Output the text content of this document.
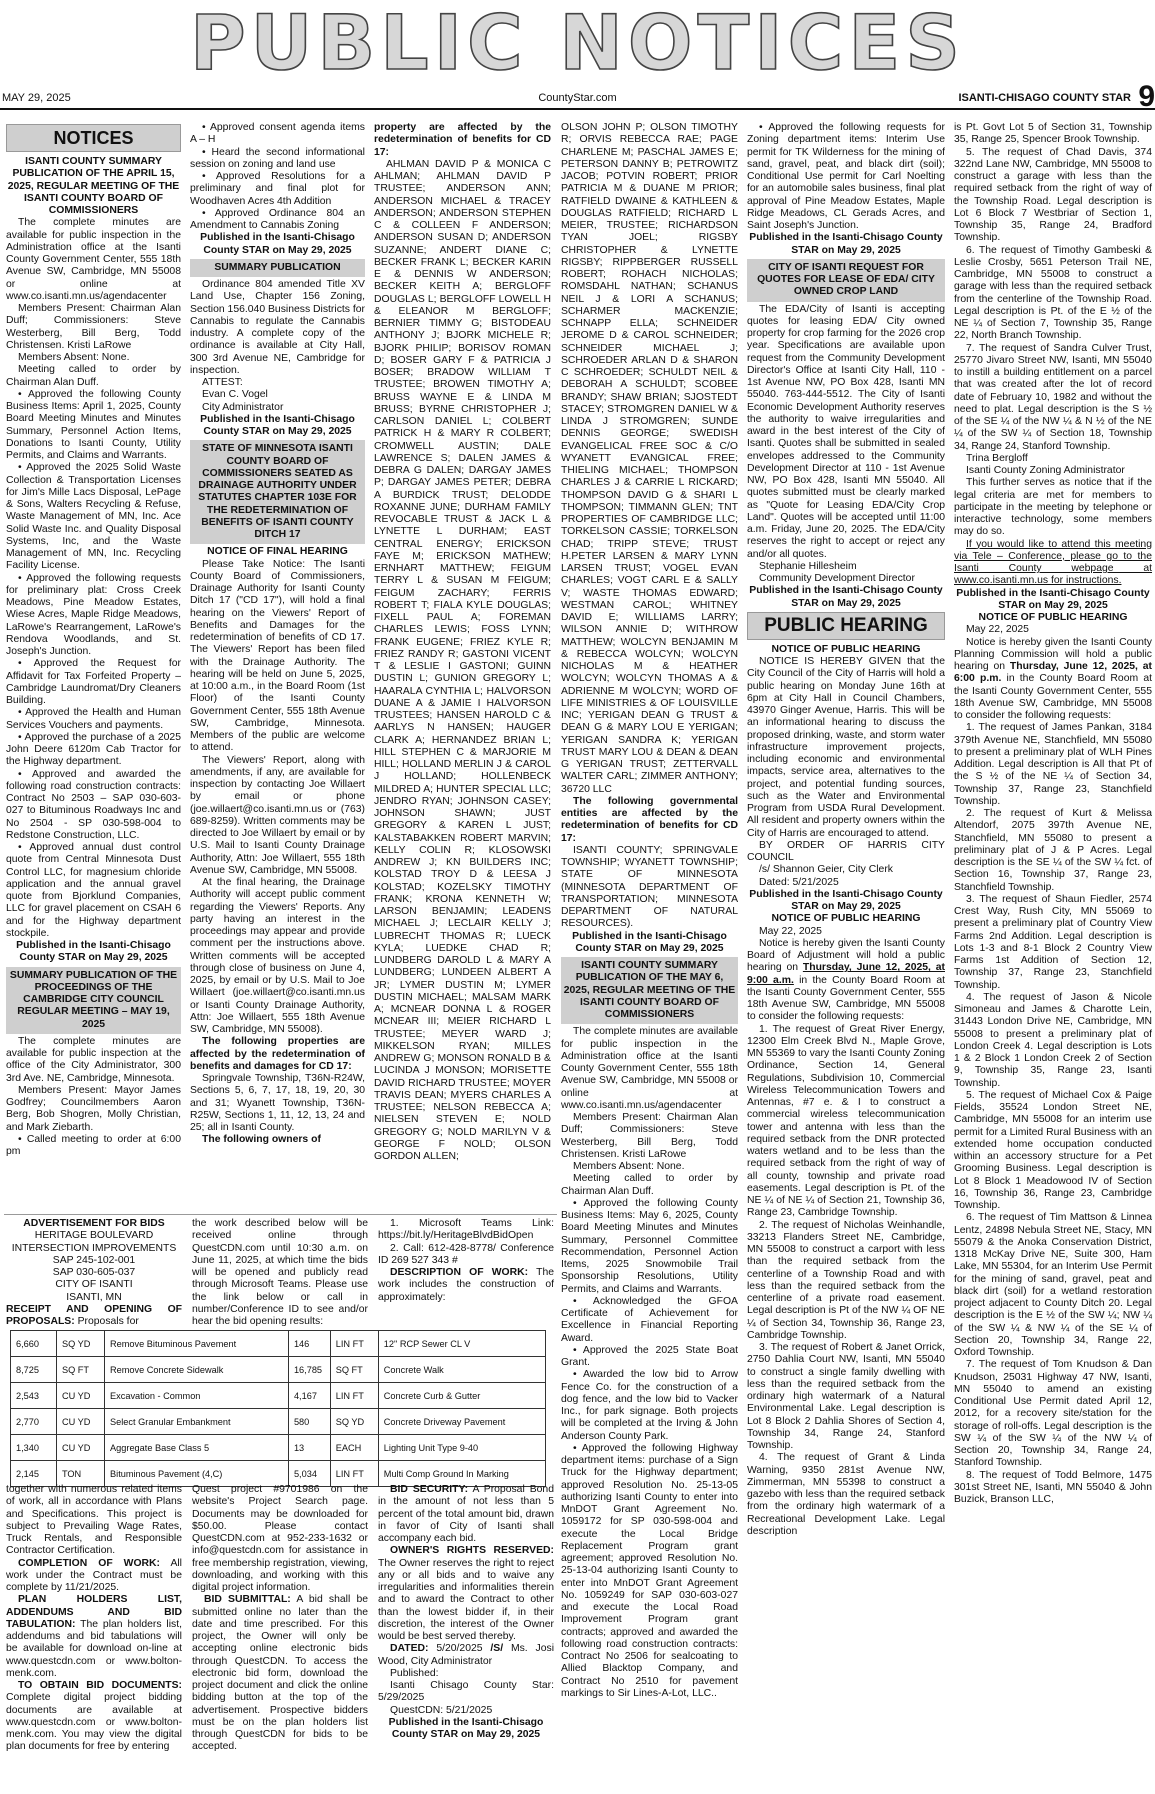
PUBLIC NOTICES
MAY 29, 2025	CountyStar.com	ISANTI-CHISAGO COUNTY STAR 9
NOTICES

ISANTI COUNTY SUMMARY PUBLICATION OF THE APRIL 15, 2025, REGULAR MEETING OF THE ISANTI COUNTY BOARD OF COMMISSIONERS

The complete minutes are available for public inspection in the Administration office at the Isanti County Government Center, 555 18th Avenue SW, Cambridge, MN 55008 or online at www.co.isanti.mn.us/agendacenter

Members Present: Chairman Alan Duff; Commissioners: Steve Westerberg, Bill Berg, Todd Christensen. Kristi LaRowe

Members Absent: None.

Meeting called to order by Chairman Alan Duff.

• Approved the following County Business Items: April 1, 2025, County Board Meeting Minutes and Minutes Summary, Personnel Action Items, Donations to Isanti County, Utility Permits, and Claims and Warrants.

• Approved the 2025 Solid Waste Collection & Transportation Licenses for Jim's Mille Lacs Disposal, LePage & Sons, Walters Recycling & Refuse, Waste Management of MN, Inc. Ace Solid Waste Inc. and Quality Disposal Systems, Inc, and the Waste Management of MN, Inc. Recycling Facility License.

• Approved the following requests for preliminary plat: Cross Creek Meadows, Pine Meadow Estates, Wiese Acres, Maple Ridge Meadows, LaRowe's Rearrangement, LaRowe's Rendova Woodlands, and St. Joseph's Junction.

• Approved the Request for Affidavit for Tax Forfeited Property – Cambridge Laundromat/Dry Cleaners Building.

• Approved the Health and Human Services Vouchers and payments.

• Approved the purchase of a 2025 John Deere 6120m Cab Tractor for the Highway department.

• Approved and awarded the following road construction contracts: Contract No 2503 – SAP 030-603-027 to Bituminous Roadways Inc and No 2504 - SP 030-598-004 to Redstone Construction, LLC.

• Approved annual dust control quote from Central Minnesota Dust Control LLC, for magnesium chloride application and the annual gravel quote from Bjorklund Companies, LLC for gravel placement on CSAH 6 and for the Highway department stockpile.

Published in the Isanti-Chisago County STAR on May 29, 2025

SUMMARY PUBLICATION OF THE PROCEEDINGS OF THE CAMBRIDGE CITY COUNCIL REGULAR MEETING – MAY 19, 2025

The complete minutes are available for public inspection at the office of the City Administrator, 300 3rd Ave. NE, Cambridge, Minnesota.

Members Present: Mayor James Godfrey; Councilmembers Aaron Berg, Bob Shogren, Molly Christian, and Mark Ziebarth.

• Called meeting to order at 6:00 pm

• Approved consent agenda items A – H

• Heard the second informational session on zoning and land use

• Approved Resolutions for a preliminary and final plot for Woodhaven Acres 4th Addition

• Approved Ordinance 804 an Amendment to Cannabis Zoning

Published in the Isanti-Chisago County STAR on May 29, 2025

SUMMARY PUBLICATION

Ordinance 804 amended Title XV Land Use, Chapter 156 Zoning, Section 156.040 Business Districts for Cannabis to regulate the Cannabis industry. A complete copy of the ordinance is available at City Hall, 300 3rd Avenue NE, Cambridge for inspection.

ATTEST:

Evan C. Vogel

City Administrator

Published in the Isanti-Chisago County STAR on May 29, 2025

STATE OF MINNESOTA ISANTI COUNTY BOARD OF COMMISSIONERS SEATED AS DRAINAGE AUTHORITY UNDER STATUTES CHAPTER 103E FOR THE REDETERMINATION OF BENEFITS OF ISANTI COUNTY DITCH 17

NOTICE OF FINAL HEARING

Please Take Notice: The Isanti County Board of Commissioners, Drainage Authority for Isanti County Ditch 17 ("CD 17"), will hold a final hearing on the Viewers' Report of Benefits and Damages for the redetermination of benefits of CD 17. The Viewers' Report has been filed with the Drainage Authority. The hearing will be held on June 5, 2025, at 10:00 a.m., in the Board Room (1st Floor) of the Isanti County Government Center, 555 18th Avenue SW, Cambridge, Minnesota. Members of the public are welcome to attend.

The Viewers' Report, along with amendments, if any, are available for inspection by contacting Joe Willaert by email or phone (joe.willaert@co.isanti.mn.us or (763) 689-8259). Written comments may be directed to Joe Willaert by email or by U.S. Mail to Isanti County Drainage Authority, Attn: Joe Willaert, 555 18th Avenue SW, Cambridge, MN 55008.

At the final hearing, the Drainage Authority will accept public comment regarding the Viewers' Reports. Any party having an interest in the proceedings may appear and provide comment per the instructions above. Written comments will be accepted through close of business on June 4, 2025, by email or by U.S. Mail to Joe Willaert (joe.willaert@co.isanti.mn.us or Isanti County Drainage Authority, Attn: Joe Willaert, 555 18th Avenue SW, Cambridge, MN 55008).

The following properties are affected by the redetermination of benefits and damages for CD 17:

Springvale Township, T36N-R24W, Sections 5, 6, 7, 17, 18, 19, 20, 30 and 31; Wyanett Township, T36N-R25W, Sections 1, 11, 12, 13, 24 and 25; all in Isanti County.

The following owners of

property are affected by the redetermination of benefits for CD 17:

AHLMAN DAVID P & MONICA C AHLMAN; AHLMAN DAVID P TRUSTEE; ANDERSON ANN; ANDERSON MICHAEL & TRACEY ANDERSON; ANDERSON STEPHEN C & COLLEEN F ANDERSON; ANDERSON SUSAN D; ANDERSON SUZANNE; ANDERT DIANE C; BECKER FRANK L; BECKER KARIN E & DENNIS W ANDERSON; BECKER KEITH A; BERGLOFF DOUGLAS L; BERGLOFF LOWELL H & ELEANOR M BERGLOFF; BERNIER TIMMY G; BISTODEAU ANTHONY J; BJORK MICHELE R; BJORK PHILIP; BORISOV ROMAN D; BOSER GARY F & PATRICIA J BOSER; BRADOW WILLIAM T TRUSTEE; BROWEN TIMOTHY A; BRUSS WAYNE E & LINDA M BRUSS; BYRNE CHRISTOPHER J; CARLSON DANIEL L; COLBERT PATRICK H & MARY R COLBERT; CROMWELL AUSTIN; DALE LAWRENCE S; DALEN JAMES & DEBRA G DALEN; DARGAY JAMES P; DARGAY JAMES PETER; DEBRA A BURDICK TRUST; DELODDE ROXANNE JUNE; DURHAM FAMILY REVOCABLE TRUST & JACK L & LYNETTE L DURHAM; EAST CENTRAL ENERGY; ERICKSON FAYE M; ERICKSON MATHEW; ERNHART MATTHEW; FEIGUM TERRY L & SUSAN M FEIGUM; FEIGUM ZACHARY; FERRIS ROBERT T; FIALA KYLE DOUGLAS; FIXELL PAUL A; FOREMAN CHARLES LEWIS; FOSS LYNN; FRANK EUGENE; FRIEZ KYLE R; FRIEZ RANDY R; GASTONI VICENT T & LESLIE I GASTONI; GUINN DUSTIN L; GUNION GREGORY L; HAARALA CYNTHIA L; HALVORSON DUANE A & JAMIE I HALVORSON TRUSTEES; HANSEN HAROLD C & AARLYS N HANSEN; HAUGER CLARK A; HERNANDEZ BRIAN L; HILL STEPHEN C & MARJORIE M HILL; HOLLAND MERLIN J & CAROL J HOLLAND; HOLLENBECK MILDRED A; HUNTER SPECIAL LLC; JENDRO RYAN; JOHNSON CASEY; JOHNSON SHAWN; JUST GREGORY & KAREN L JUST; KALSTABAKKEN ROBERT MARVIN; KELLY COLIN R; KLOSOWSKI ANDREW J; KN BUILDERS INC; KOLSTAD TROY D & LEESA J KOLSTAD; KOZELSKY TIMOTHY FRANK; KRONA KENNETH W; LARSON BENJAMIN; LEADENS MICHAEL J; LECLAIR KELLY J; LUBRECHT THOMAS R; LUECK KYLA; LUEDKE CHAD R; LUNDBERG DAROLD L & MARY A LUNDBERG; LUNDEEN ALBERT A JR; LYMER DUSTIN M; LYMER DUSTIN MICHAEL; MALSAM MARK A; MCNEAR DONNA L & ROGER MCNEAR III; MEIER RICHARD L TRUSTEE; MEYER WARD J; MIKKELSON RYAN; MILLES ANDREW G; MONSON RONALD B & LUCINDA J MONSON; MORISETTE DAVID RICHARD TRUSTEE; MOYER TRAVIS DEAN; MYERS CHARLES A TRUSTEE; NELSON REBECCA A; NIELSEN STEVEN E; NOLD GREGORY G; NOLD MARILYN V & GEORGE F NOLD; OLSON GORDON ALLEN;

OLSON JOHN P; OLSON TIMOTHY R; ORVIS REBECCA RAE; PAGE CHARLENE M; PASCHAL JAMES E; PETERSON DANNY B; PETROWITZ JACOB; POTVIN ROBERT; PRIOR PATRICIA M & DUANE M PRIOR; RATFIELD DWAINE & KATHLEEN & DOUGLAS RATFIELD; RICHARD L MEIER, TRUSTEE; RICHARDSON TYAN JOEL; RIGSBY CHRISTOPHER & LYNETTE RIGSBY; RIPPBERGER RUSSELL ROBERT; ROHACH NICHOLAS; ROMSDAHL NATHAN; SCHANUS NEIL J & LORI A SCHANUS; SCHARMER MACKENZIE; SCHNAPP ELLA; SCHNEIDER JEROME D & CAROL SCHNEIDER; SCHNEIDER MICHAEL J; SCHROEDER ARLAN D & SHARON C SCHROEDER; SCHULDT NEIL & DEBORAH A SCHULDT; SCOBEE BRANDY; SHAW BRIAN; SJOSTEDT STACEY; STROMGREN DANIEL W & LINDA J STROMGREN; SUNDE DENNIS GEORGE; SWEDISH EVANGELICAL FREE SOC & C/O WYANETT EVANGICAL FREE; THIELING MICHAEL; THOMPSON CHARLES J & CARRIE L RICKARD; THOMPSON DAVID G & SHARI L THOMPSON; TIMMANN GLEN; TNT PROPERTIES OF CAMBRIDGE LLC; TORKELSON CASSIE; TORKELSON CHAD; TRIPP STEVE; TRUST H.PETER LARSEN & MARY LYNN LARSEN TRUST; VOGEL EVAN CHARLES; VOGT CARL E & SALLY V; WASTE THOMAS EDWARD; WESTMAN CAROL; WHITNEY DAVID E; WILLIAMS LARRY; WILSON ANNIE D; WITHROW MATTHEW; WOLCYN BENJAMIN M & REBECCA WOLCYN; WOLCYN NICHOLAS M & HEATHER WOLCYN; WOLCYN THOMAS A & ADRIENNE M WOLCYN; WORD OF LIFE MINISTRIES & OF LOUISVILLE INC; YERIGAN DEAN G TRUST & DEAN G & MARY LOU E YERIGAN; YERIGAN SANDRA K; YERIGAN TRUST MARY LOU & DEAN & DEAN G YERIGAN TRUST; ZETTERVALL WALTER CARL; ZIMMER ANTHONY; 36720 LLC

The following governmental entities are affected by the redetermination of benefits for CD 17:

ISANTI COUNTY; SPRINGVALE TOWNSHIP; WYANETT TOWNSHIP; STATE OF MINNESOTA (MINNESOTA DEPARTMENT OF TRANSPORTATION; MINNESOTA DEPARTMENT OF NATURAL RESOURCES).

Published in the Isanti-Chisago County STAR on May 29, 2025

ISANTI COUNTY SUMMARY PUBLICATION OF THE MAY 6, 2025, REGULAR MEETING OF THE ISANTI COUNTY BOARD OF COMMISSIONERS

The complete minutes are available for public inspection in the Administration office at the Isanti County Government Center, 555 18th Avenue SW, Cambridge, MN 55008 or online at www.co.isanti.mn.us/agendacenter

Members Present: Chairman Alan Duff; Commissioners: Steve Westerberg, Bill Berg, Todd Christensen. Kristi LaRowe

Members Absent: None.

Meeting called to order by Chairman Alan Duff.

• Approved the following County Business Items: May 6, 2025, County Board Meeting Minutes and Minutes Summary, Personnel Committee Recommendation, Personnel Action Items, 2025 Snowmobile Trail Sponsorship Resolutions, Utility Permits, and Claims and Warrants.

• Acknowledged the GFOA Certificate of Achievement for Excellence in Financial Reporting Award.

• Approved the 2025 State Boat Grant.

• Awarded the low bid to Arrow Fence Co. for the construction of a dog fence, and the low bid to Vacker Inc., for park signage. Both projects will be completed at the Irving & John Anderson County Park.

• Approved the following Highway department items: purchase of a Sign Truck for the Highway department; approved Resolution No. 25-13-05 authorizing Isanti County to enter into MnDOT Grant Agreement No. 1059172 for SP 030-598-004 and execute the Local Bridge Replacement Program grant agreement; approved Resolution No. 25-13-04 authorizing Isanti County to enter into MnDOT Grant Agreement No. 1059249 for SAP 030-603-027 and execute the Local Road Improvement Program grant contracts; approved and awarded the following road construction contracts: Contract No 2506 for sealcoating to Allied Blacktop Company, and Contract No 2510 for pavement markings to Sir Lines-A-Lot, LLC..

• Approved the following requests for Zoning department items: Interim Use permit for TK Wilderness for the mining of sand, gravel, peat, and black dirt (soil); Conditional Use permit for Carl Noelting for an automobile sales business, final plat approval of Pine Meadow Estates, Maple Ridge Meadows, CL Gerads Acres, and Saint Joseph's Junction.

Published in the Isanti-Chisago County STAR on May 29, 2025

CITY OF ISANTI REQUEST FOR QUOTES FOR LEASE OF EDA/ CITY OWNED CROP LAND

The EDA/City of Isanti is accepting quotes for leasing EDA/ City owned property for crop farming for the 2026 crop year. Specifications are available upon request from the Community Development Director's Office at Isanti City Hall, 110 - 1st Avenue NW, PO Box 428, Isanti MN 55040. 763-444-5512. The City of Isanti Economic Development Authority reserves the authority to waive irregularities and award in the best interest of the City of Isanti. Quotes shall be submitted in sealed envelopes addressed to the Community Development Director at 110 - 1st Avenue NW, PO Box 428, Isanti MN 55040. All quotes submitted must be clearly marked as "Quote for Leasing EDA/City Crop Land". Quotes will be accepted until 11:00 a.m. Friday, June 20, 2025. The EDA/City reserves the right to accept or reject any and/or all quotes.

Stephanie Hillesheim

Community Development Director

Published in the Isanti-Chisago County STAR on May 29, 2025

PUBLIC HEARING

NOTICE OF PUBLIC HEARING

NOTICE IS HEREBY GIVEN that the City Council of the City of Harris will hold a public hearing on Monday June 16th at 6pm at City Hall in Council Chambers, 43970 Ginger Avenue, Harris. This will be an informational hearing to discuss the proposed drinking, waste, and storm water infrastructure improvement projects, including economic and environmental impacts, service area, alternatives to the project, and potential funding sources, such as the Water and Environmental Program from USDA Rural Development. All resident and property owners within the City of Harris are encouraged to attend.

BY ORDER OF HARRIS CITY COUNCIL

/s/ Shannon Geier, City Clerk

Dated: 5/21/2025

Published in the Isanti-Chisago County STAR on May 29, 2025

NOTICE OF PUBLIC HEARING

May 22, 2025

Notice is hereby given the Isanti County Board of Adjustment will hold a public hearing on Thursday, June 12, 2025, at 9:00 a.m. in the County Board Room at the Isanti County Government Center, 555 18th Avenue SW, Cambridge, MN 55008 to consider the following requests:

1. The request of Great River Energy, 12300 Elm Creek Blvd N., Maple Grove, MN 55369 to vary the Isanti County Zoning Ordinance, Section 14, General Regulations, Subdivision 10, Commercial Wireless Telecommunication Towers and Antennas, #7 e. & I to construct a commercial wireless telecommunication tower and antenna with less than the required setback from the DNR protected waters wetland and to be less than the required setback from the right of way of all county, township and private road easements. Legal description is Pt. of the NE ¼ of NE ¼ of Section 21, Township 36, Range 23, Cambridge Township.

2. The request of Nicholas Weinhandle, 33213 Flanders Street NE, Cambridge, MN 55008 to construct a carport with less than the required setback from the centerline of a Township Road and with less than the required setback from the centerline of a private road easement. Legal description is Pt of the NW ¼ OF NE ¼ of Section 34, Township 36, Range 23, Cambridge Township.

3. The request of Robert & Janet Orrick, 2750 Dahlia Court NW, Isanti, MN 55040 to construct a single family dwelling with less than the required setback from the ordinary high watermark of a Natural Environmental Lake. Legal description is Lot 8 Block 2 Dahlia Shores of Section 4, Township 34, Range 24, Stanford Township.

4. The request of Grant & Linda Warning, 9350 281st Avenue NW, Zimmerman, MN 55398 to construct a gazebo with less than the required setback from the ordinary high watermark of a Recreational Development Lake. Legal description

is Pt. Govt Lot 5 of Section 31, Township 35, Range 25, Spencer Brook Township.

5. The request of Chad Davis, 374 322nd Lane NW, Cambridge, MN 55008 to construct a garage with less than the required setback from the right of way of the Township Road. Legal description is Lot 6 Block 7 Westbriar of Section 1, Township 35, Range 24, Bradford Township.

6. The request of Timothy Gambeski & Leslie Crosby, 5651 Peterson Trail NE, Cambridge, MN 55008 to construct a garage with less than the required setback from the centerline of the Township Road. Legal description is Pt. of the E ½ of the NE ¼ of Section 7, Township 35, Range 22, North Branch Township.

7. The request of Sandra Culver Trust, 25770 Jivaro Street NW, Isanti, MN 55040 to instill a building entitlement on a parcel that was created after the lot of record date of February 10, 1982 and without the need to plat. Legal description is the S ½ of the SE ¼ of the NW ¼ & N ½ of the NE ¼ of the SW ¼ of Section 18, Township 34, Range 24, Stanford Township.

Trina Bergloff

Isanti County Zoning Administrator

This further serves as notice that if the legal criteria are met for members to participate in the meeting by telephone or interactive technology, some members may do so.

If you would like to attend this meeting via Tele – Conference, please go to the Isanti County webpage at www.co.isanti.mn.us for instructions.

Published in the Isanti-Chisago County STAR on May 29, 2025

NOTICE OF PUBLIC HEARING

May 22, 2025

Notice is hereby given the Isanti County Planning Commission will hold a public hearing on Thursday, June 12, 2025, at 6:00 p.m. in the County Board Room at the Isanti County Government Center, 555 18th Avenue SW, Cambridge, MN 55008 to consider the following requests:

1. The request of James Pankan, 3184 379th Avenue NE, Stanchfield, MN 55080 to present a preliminary plat of WLH Pines Addition. Legal description is All that Pt of the S ½ of the NE ¼ of Section 34, Township 37, Range 23, Stanchfield Township.

2. The request of Kurt & Melissa Altendorf, 2075 397th Avenue NE, Stanchfield, MN 55080 to present a preliminary plat of J & P Acres. Legal description is the SE ¼ of the SW ¼ fct. of Section 16, Township 37, Range 23, Stanchfield Township.

3. The request of Shaun Fiedler, 2574 Crest Way, Rush City, MN 55069 to present a preliminary plat of Country View Farms 2nd Addition. Legal description is Lots 1-3 and 8-1 Block 2 Country View Farms 1st Addition of Section 12, Township 37, Range 23, Stanchfield Township.

4. The request of Jason & Nicole Simoneau and James & Charotte Lein, 31443 London Drive NE, Cambridge, MN 55008 to present a preliminary plat of London Creek 4. Legal description is Lots 1 & 2 Block 1 London Creek 2 of Section 9, Township 35, Range 23, Isanti Township.

5. The request of Michael Cox & Paige Fields, 35524 London Street NE, Cambridge, MN 55008 for an interim use permit for a Limited Rural Business with an extended home occupation conducted within an accessory structure for a Pet Grooming Business. Legal description is Lot 8 Block 1 Meadowood IV of Section 16, Township 36, Range 23, Cambridge Township.

6. The request of Tim Mattson & Linnea Lentz, 24898 Nebula Street NE, Stacy, MN 55079 & the Anoka Conservation District, 1318 McKay Drive NE, Suite 300, Ham Lake, MN 55304, for an Interim Use Permit for the mining of sand, gravel, peat and black dirt (soil) for a wetland restoration project adjacent to County Ditch 20. Legal description is the E ½ of the SW ¼; NW ¼ of the SW ¼ & NW ¼ of the SE ¼ of Section 20, Township 34, Range 22, Oxford Township.

7. The request of Tom Knudson & Dan Knudson, 25031 Highway 47 NW, Isanti, MN 55040 to amend an existing Conditional Use Permit dated April 12, 2012, for a recovery site/station for the storage of roll-offs. Legal description is the SW ¼ of the SW ¼ of the NW ¼ of Section 20, Township 34, Range 24, Stanford Township.

8. The request of Todd Belmore, 1475 301st Street NE, Isanti, MN 55040 & John Buzick, Branson LLC,

ADVERTISEMENT FOR BIDS

HERITAGE BOULEVARD INTERSECTION IMPROVEMENTS

SAP 245-102-001

SAP 030-605-037

CITY OF ISANTI

ISANTI, MN

RECEIPT AND OPENING OF PROPOSALS: Proposals for

the work described below will be received online through QuestCDN.com until 10:30 a.m. on June 11, 2025, at which time the bids will be opened and publicly read through Microsoft Teams. Please use the link below or call in number/Conference ID to see and/or hear the bid opening results:

1. Microsoft Teams Link: https://bit.ly/HeritageBlvdBidOpen

2. Call: 612-428-8778/ Conference ID 269 527 343 #

DESCRIPTION OF WORK: The work includes the construction of approximately:

6,660	SQ YD	Remove Bituminous Pavement	146	LIN FT	12" RCP Sewer CL V
8,725	SQ FT	Remove Concrete Sidewalk	16,785	SQ FT	Concrete Walk
2,543	CU YD	Excavation - Common	4,167	LIN FT	Concrete Curb & Gutter
2,770	CU YD	Select Granular Embankment	580	SQ YD	Concrete Driveway Pavement
1,340	CU YD	Aggregate Base Class 5	13	EACH	Lighting Unit Type 9-40
2,145	TON	Bituminous Pavement (4,C)	5,034	LIN FT	Multi Comp Ground In Marking

together with numerous related items of work, all in accordance with Plans and Specifications. This project is subject to Prevailing Wage Rates, Truck Rentals, and Responsible Contractor Certification.

COMPLETION OF WORK: All work under the Contract must be complete by 11/21/2025.

PLAN HOLDERS LIST, ADDENDUMS AND BID TABULATION: The plan holders list, addendums and bid tabulations will be available for download on-line at www.questcdn.com or www.bolton-menk.com.

TO OBTAIN BID DOCUMENTS: Complete digital project bidding documents are available at www.questcdn.com or www.bolton-menk.com. You may view the digital plan documents for free by entering

Quest project #9701986 on the website's Project Search page. Documents may be downloaded for $50.00. Please contact QuestCDN.com at 952-233-1632 or info@questcdn.com for assistance in free membership registration, viewing, downloading, and working with this digital project information.

BID SUBMITTAL: A bid shall be submitted online no later than the date and time prescribed. For this project, the Owner will only be accepting online electronic bids through QuestCDN. To access the electronic bid form, download the project document and click the online bidding button at the top of the advertisement. Prospective bidders must be on the plan holders list through QuestCDN for bids to be accepted.

BID SECURITY: A Proposal Bond in the amount of not less than 5 percent of the total amount bid, drawn in favor of City of Isanti shall accompany each bid.

OWNER'S RIGHTS RESERVED: The Owner reserves the right to reject any or all bids and to waive any irregularities and informalities therein and to award the Contract to other than the lowest bidder if, in their discretion, the interest of the Owner would be best served thereby.

DATED: 5/20/2025 /S/ Ms. Josi Wood, City Administrator

Published:

Isanti Chisago County Star: 5/29/2025

QuestCDN: 5/21/2025

Published in the Isanti-Chisago County STAR on May 29, 2025
